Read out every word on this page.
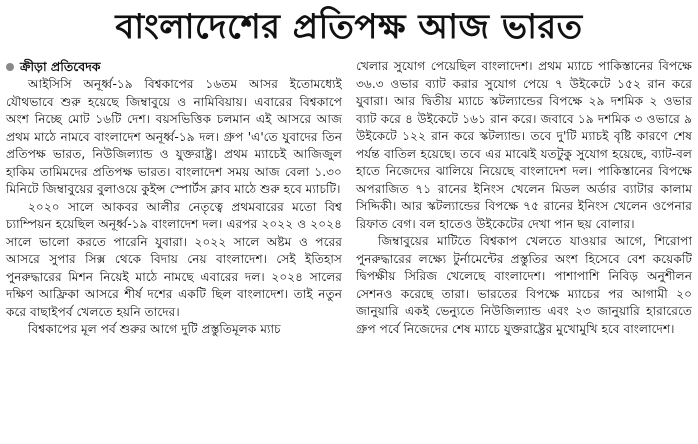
বাংলাদেশের প্রতিপক্ষ আজ ভারত
ক্রীড়া প্রতিবেদক

আইসিসি অনূর্ধ্ব-১৯ বিশ্বকাপের ১৬তম আসর ইতোমধ্যেই যৌথভাবে শুরু হয়েছে জিম্বাবুয়ে ও নামিবিয়ায়। এবারের বিশ্বকাপে অংশ নিচ্ছে মোট ১৬টি দেশ। বয়সভিত্তিক চলমান এই আসরে আজ প্রথম মাঠে নামবে বাংলাদেশ অনূর্ধ্ব-১৯ দল। গ্রুপ 'এ'তে যুবাদের তিন প্রতিপক্ষ ভারত, নিউজিল্যান্ড ও যুক্তরাষ্ট্র। প্রথম ম্যাচেই আজিজুল হাকিম তামিমদের প্রতিপক্ষ ভারত। বাংলাদেশ সময় আজ বেলা ১.৩০ মিনিটে জিম্বাবুয়ের বুলাওয়ে কুইন্স স্পোর্টস ক্লাব মাঠে শুরু হবে ম্যাচটি।

২০২০ সালে আকবর আলীর নেতৃত্বে প্রথমবারের মতো বিশ্ব চ্যাম্পিয়ন হয়েছিল অনূর্ধ্ব-১৯ বাংলাদেশ দল। এরপর ২০২২ ও ২০২৪ সালে ভালো করতে পারেনি যুবারা। ২০২২ সালে অষ্টম ও পরের আসরে সুপার সিক্স থেকে বিদায় নেয় বাংলাদেশ। সেই ইতিহাস পুনরুদ্ধারের মিশন নিয়েই মাঠে নামছে এবারের দল। ২০২৪ সালের দক্ষিণ আফ্রিকা আসরে শীর্ষ দশের একটি ছিল বাংলাদেশ। তাই নতুন করে বাছাইপর্ব খেলতে হয়নি তাদের।

বিশ্বকাপের মূল পর্ব শুরুর আগে দুটি প্রস্তুতিমূলক ম্যাচ

খেলার সুযোগ পেয়েছিল বাংলাদেশ। প্রথম ম্যাচে পাকিস্তানের বিপক্ষে ৩৬.৩ ওভার ব্যাট করার সুযোগ পেয়ে ৭ উইকেটে ১৫২ রান করে যুবারা। আর দ্বিতীয় ম্যাচে স্কটল্যান্ডের বিপক্ষে ২৯ দশমিক ২ ওভার ব্যাট করে ৪ উইকেটে ১৬১ রান করে। জবাবে ১৯ দশমিক ৩ ওভারে ৯ উইকেটে ১২২ রান করে স্কটল্যান্ড। তবে দু'টি ম্যাচই বৃষ্টি কারণে শেষ পর্যন্ত বাতিল হয়েছে। তবে এর মাঝেই যতটুকু সুযোগ হয়েছে, ব্যাট-বল হাতে নিজেদের ঝালিয়ে নিয়েছে বাংলাদেশ দল। পাকিস্তানের বিপক্ষে অপরাজিত ৭১ রানের ইনিংস খেলেন মিডল অর্ডার ব্যাটার কালাম সিদ্দিকী। আর স্কটল্যান্ডের বিপক্ষে ৭৫ রানের ইনিংস খেলেন ওপেনার রিফাত বেগ। বল হাতেও উইকেটের দেখা পান ছয় বোলার।

জিম্বাবুয়ের মাটিতে বিশ্বকাপ খেলতে যাওয়ার আগে, শিরোপা পুনরুদ্ধারের লক্ষ্যে টুর্নামেন্টের প্রস্তুতির অংশ হিসেবে বেশ কয়েকটি দ্বিপক্ষীয় সিরিজ খেলেছে বাংলাদেশ। পাশাপাশি নিবিড় অনুশীলন সেশনও করেছে তারা। ভারতের বিপক্ষে ম্যাচের পর আগামী ২০ জানুয়ারি একই ভেন্যুতে নিউজিল্যান্ড এবং ২৩ জানুয়ারি হারারেতে গ্রুপ পর্বে নিজেদের শেষ ম্যাচে যুক্তরাষ্ট্রের মুখোমুখি হবে বাংলাদেশ।
